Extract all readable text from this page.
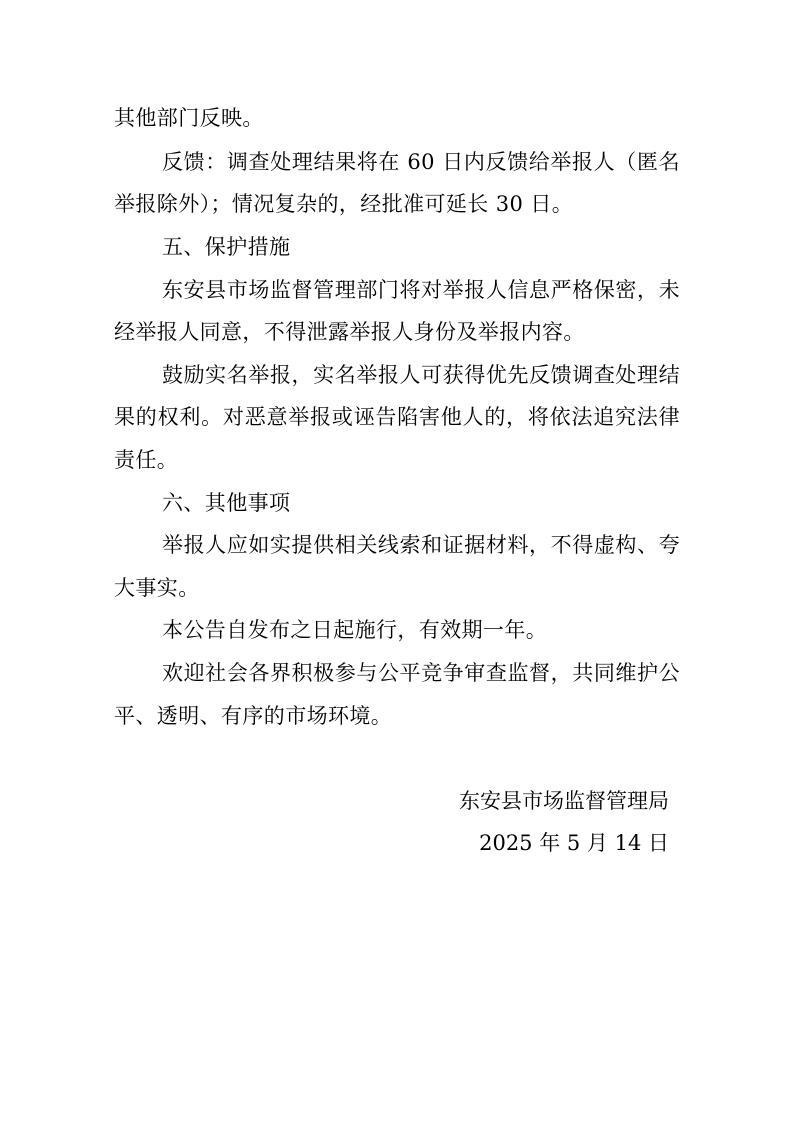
其他部门反映。
反馈：调查处理结果将在 60 日内反馈给举报人（匿名
举报除外）；情况复杂的，经批准可延长 30 日。
五、保护措施
东安县市场监督管理部门将对举报人信息严格保密，未
经举报人同意，不得泄露举报人身份及举报内容。
鼓励实名举报，实名举报人可获得优先反馈调查处理结
果的权利。对恶意举报或诬告陷害他人的，将依法追究法律
责任。
六、其他事项
举报人应如实提供相关线索和证据材料，不得虚构、夸
大事实。
本公告自发布之日起施行，有效期一年。
欢迎社会各界积极参与公平竞争审查监督，共同维护公
平、透明、有序的市场环境。
东安县市场监督管理局
2025 年 5 月 14 日
